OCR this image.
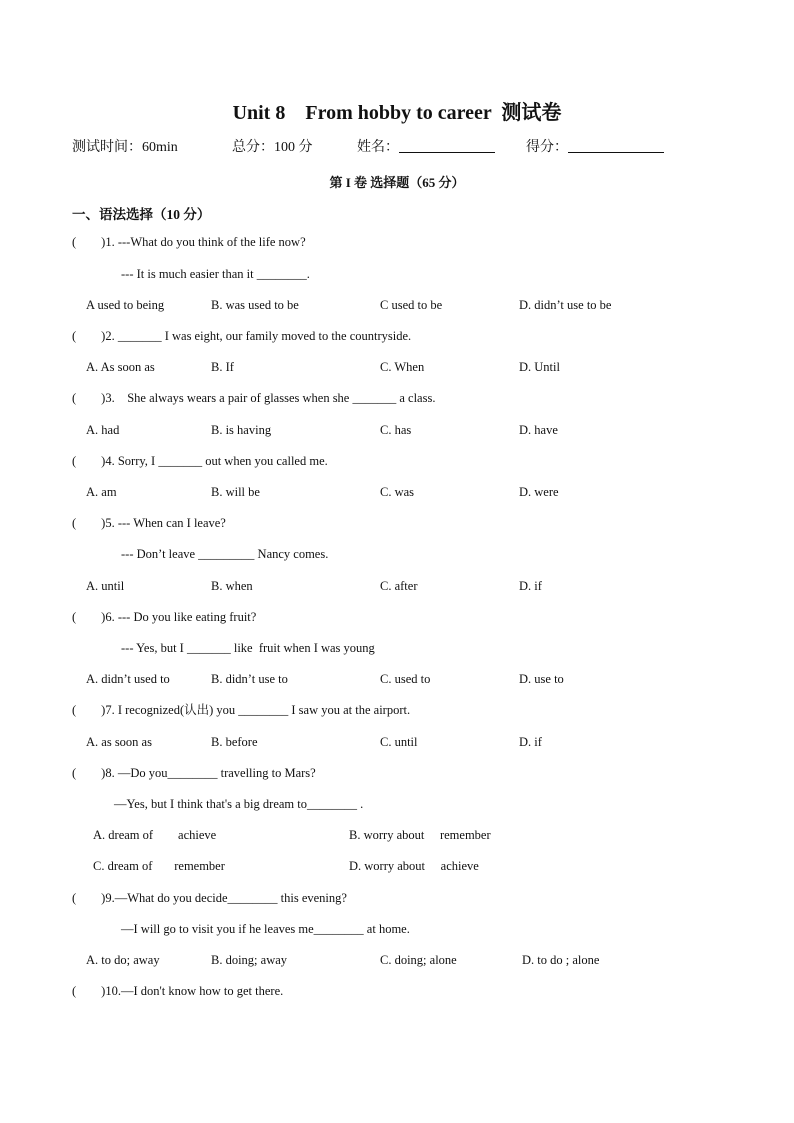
Unit 8    From hobby to career  测试卷
测试时间：60min	总分：100 分	姓名：	得分：
第 I 卷 选择题（65 分）
一、语法选择（10 分）
(        )1. ---What do you think of the life now?
--- It is much easier than it ________.
A used to being	B. was used to be	C used to be	D. didn’t use to be
(        )2. _______ I was eight, our family moved to the countryside.
A. As soon as	B. If	C. When	D. Until
(        )3.    She always wears a pair of glasses when she _______ a class.
A. had	B. is having	C. has	D. have
(        )4. Sorry, I _______ out when you called me.
A. am	B. will be	C. was	D. were
(        )5. --- When can I leave?
--- Don’t leave _________ Nancy comes.
A. until	B. when	C. after	D. if
(        )6. --- Do you like eating fruit?
--- Yes, but I _______ like  fruit when I was young
A. didn’t used to	B. didn’t use to	C. used to	D. use to
(        )7. I recognized(认出) you ________ I saw you at the airport.
A. as soon as	B. before	C. until	D. if
(        )8. —Do you________ travelling to Mars?
—Yes, but I think that's a big dream to________ .
A. dream of        achieve	B. worry about     remember
C. dream of       remember	D. worry about     achieve
(        )9.—What do you decide________ this evening?
—I will go to visit you if he leaves me________ at home.
A. to do; away	B. doing; away	C. doing; alone	D. to do ; alone
(        )10.—I don't know how to get there.
